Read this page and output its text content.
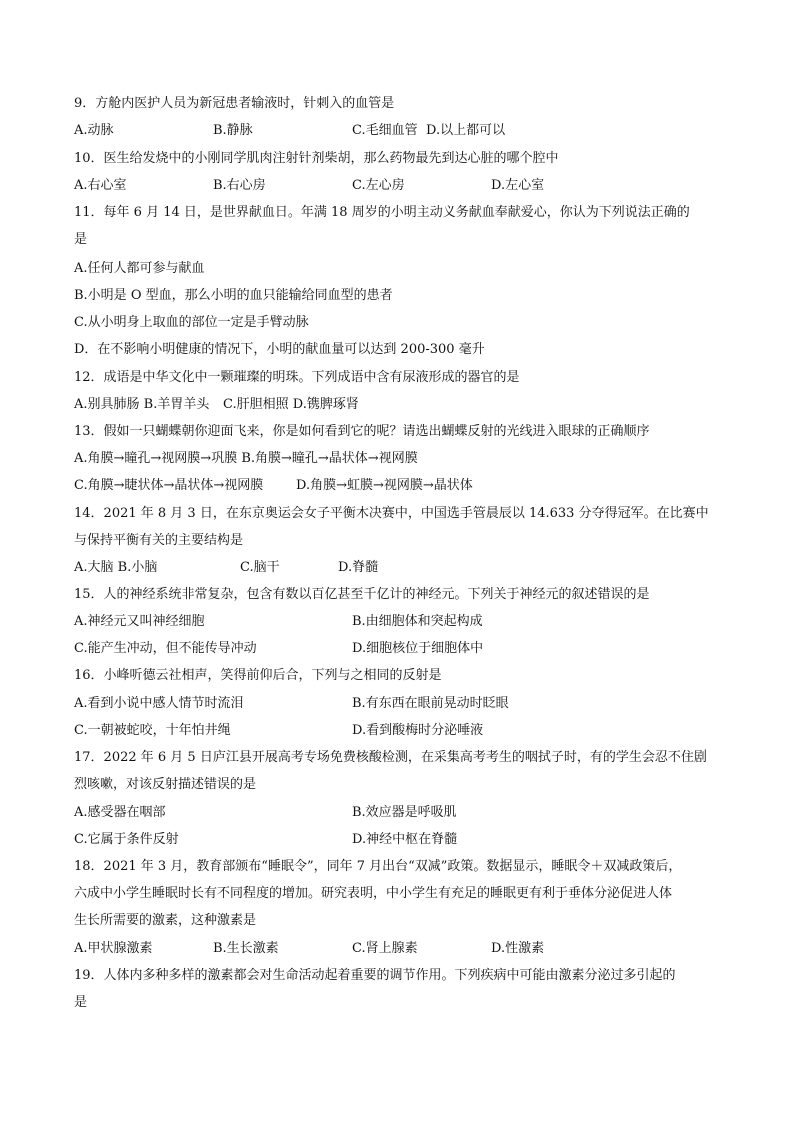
9．方舱内医护人员为新冠患者输液时，针刺入的血管是
A.动脉	B.静脉	C.毛细血管 D.以上都可以
10．医生给发烧中的小刚同学肌肉注射针剂柴胡，那么药物最先到达心脏的哪个腔中
A.右心室	B.右心房	C.左心房	D.左心室
11．每年 6 月 14 日，是世界献血日。年满 18 周岁的小明主动义务献血奉献爱心，你认为下列说法正确的
是
A.任何人都可参与献血
B.小明是 O 型血，那么小明的血只能输给同血型的患者
C.从小明身上取血的部位一定是手臂动脉
D．在不影响小明健康的情况下，小明的献血量可以达到 200-300 毫升
12．成语是中华文化中一颗璀璨的明珠。下列成语中含有尿液形成的器官的是
A.别具肺肠 B.羊胃羊头 C.肝胆相照 D.镌脾琢肾
13．假如一只蝴蝶朝你迎面飞来，你是如何看到它的呢？请选出蝴蝶反射的光线进入眼球的正确顺序
A.角膜→瞳孔→视网膜→巩膜 B.角膜→瞳孔→晶状体→视网膜
C.角膜→睫状体→晶状体→视网膜	D.角膜→虹膜→视网膜→晶状体
14．2021 年 8 月 3 日，在东京奥运会女子平衡木决赛中，中国选手管晨辰以 14.633 分夺得冠军。在比赛中
与保持平衡有关的主要结构是
A.大脑 B.小脑	C.脑干	D.脊髓
15．人的神经系统非常复杂，包含有数以百亿甚至千亿计的神经元。下列关于神经元的叙述错误的是
A.神经元又叫神经细胞	B.由细胞体和突起构成
C.能产生冲动，但不能传导冲动	D.细胞核位于细胞体中
16．小峰听德云社相声，笑得前仰后合，下列与之相同的反射是
A.看到小说中感人情节时流泪	B.有东西在眼前晃动时眨眼
C.一朝被蛇咬，十年怕井绳	D.看到酸梅时分泌唾液
17．2022 年 6 月 5 日庐江县开展高考专场免费核酸检测，在采集高考考生的咽拭子时，有的学生会忍不住剧
烈咳嗽，对该反射描述错误的是
A.感受器在咽部	B.效应器是呼吸肌
C.它属于条件反射	D.神经中枢在脊髓
18．2021 年 3 月，教育部颁布“睡眠令”，同年 7 月出台“双减”政策。数据显示，睡眠令＋双减政策后，
六成中小学生睡眠时长有不同程度的增加。研究表明，中小学生有充足的睡眠更有利于垂体分泌促进人体
生长所需要的激素，这种激素是
A.甲状腺激素	B.生长激素	C.肾上腺素	D.性激素
19．人体内多种多样的激素都会对生命活动起着重要的调节作用。下列疾病中可能由激素分泌过多引起的
是
